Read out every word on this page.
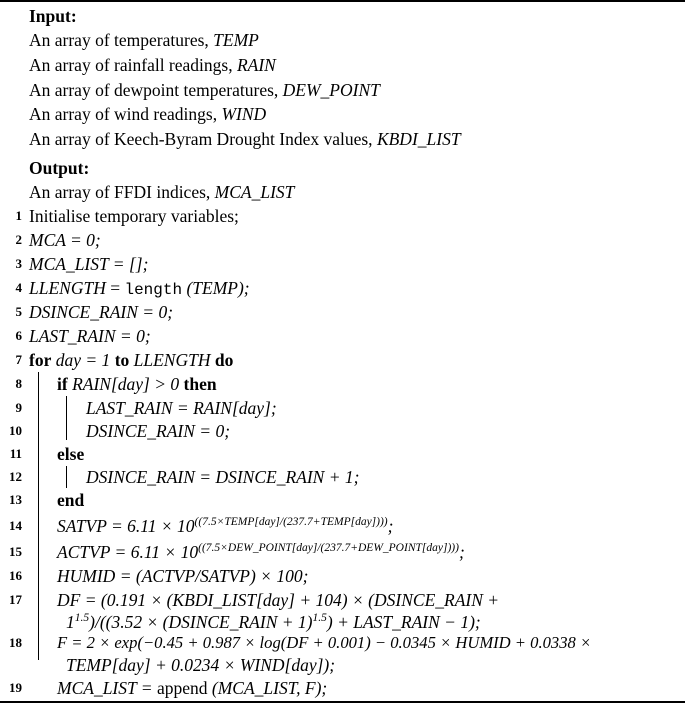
Input:
An array of temperatures, TEMP
An array of rainfall readings, RAIN
An array of dewpoint temperatures, DEW_POINT
An array of wind readings, WIND
An array of Keech-Byram Drought Index values, KBDI_LIST
Output:
An array of FFDI indices, MCA_LIST
1 Initialise temporary variables;
2 MCA = 0;
3 MCA_LIST = [];
4 LLENGTH = length (TEMP);
5 DSINCE_RAIN = 0;
6 LAST_RAIN = 0;
7 for day = 1 to LLENGTH do
8 if RAIN[day] > 0 then
9	LAST_RAIN = RAIN[day];
10	DSINCE_RAIN = 0;
11 else
12	DSINCE_RAIN = DSINCE_RAIN + 1;
13 end
14 SATVP = $6.11 \times 10^{((7.5\times TEMP[day]/(237.7+TEMP[day])))}$;
15 ACTVP = $6.11 \times 10^{((7.5\times DEW\_POINT[day]/(237.7+DEW\_POINT[day])))}$;
16 HUMID = (ACTVP/SATVP) × 100;
17 DF = (0.191 × (KBDI_LIST[day] + 104) × (DSINCE_RAIN +
$1^{1.5})/((3.52$ × (DSINCE_RAIN + 1)$^{1.5}$) + LAST_RAIN − 1);
18 F = 2 × exp(−0.45 + 0.987 × log(DF + 0.001) − 0.0345 × HUMID + 0.0338 ×
TEMP[day] + 0.0234 × WIND[day]);
19 MCA_LIST = append (MCA_LIST, F);
